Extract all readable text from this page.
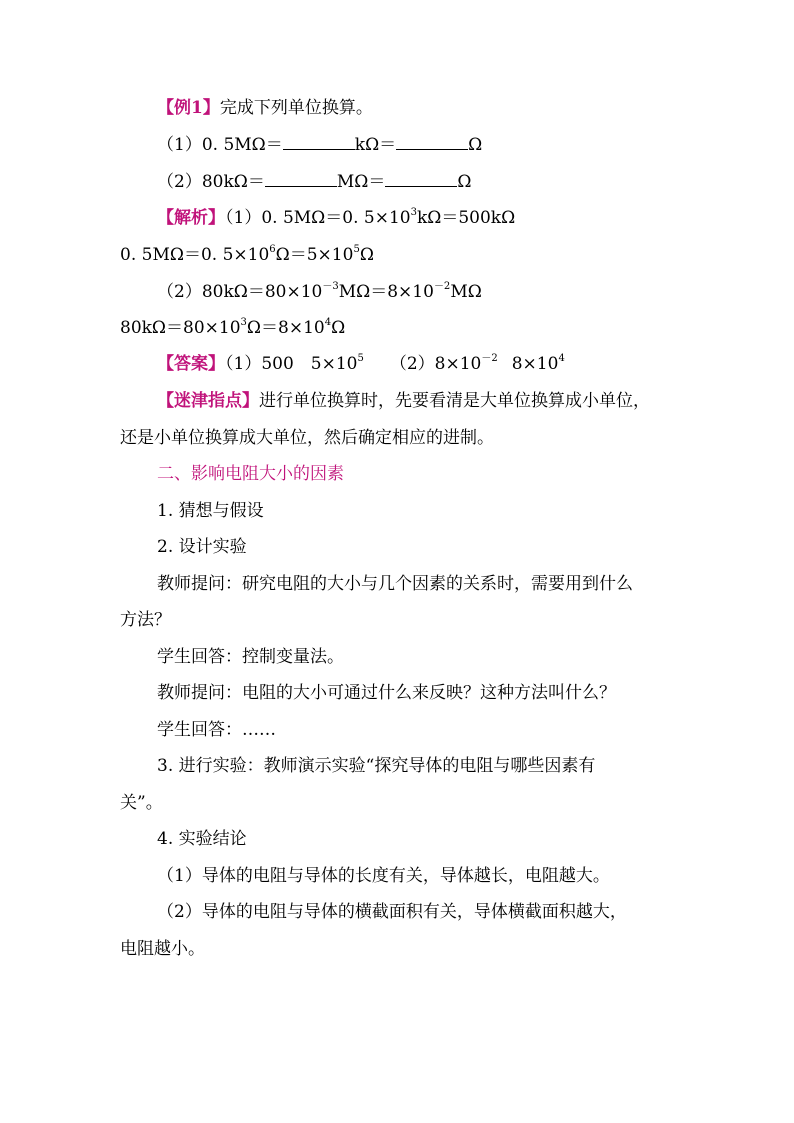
【例1】完成下列单位换算。
（1）0. 5MΩ＝	kΩ＝	Ω
（2）80kΩ＝	MΩ＝	Ω
【解析】（1）0. 5MΩ＝0. $5\times 10^3k\Omega=500k\Omega$
0. 5MΩ＝0. $5\times 10^6\Omega=5\times 10^5\Omega$
$(2)80k\Omega=80\times 10^{-3}M\Omega=8\times 10^{-2}M\Omega$
$80k\Omega=80\times 10^3\Omega=8\times 10^4\Omega$
【答案】（1）500　$5\times 10^5$ $(2)8\times 10^{-2}$ $8\times 10^4$
【迷津指点】进行单位换算时，先要看清是大单位换算成小单位，
还是小单位换算成大单位，然后确定相应的进制。
二、影响电阻大小的因素
1. 猜想与假设
2. 设计实验
教师提问：研究电阻的大小与几个因素的关系时，需要用到什么
方法？
学生回答：控制变量法。
教师提问：电阻的大小可通过什么来反映？这种方法叫什么？
学生回答：……
3. 进行实验：教师演示实验“探究导体的电阻与哪些因素有
关”。
4. 实验结论
（1）导体的电阻与导体的长度有关，导体越长，电阻越大。
（2）导体的电阻与导体的横截面积有关，导体横截面积越大，
电阻越小。
